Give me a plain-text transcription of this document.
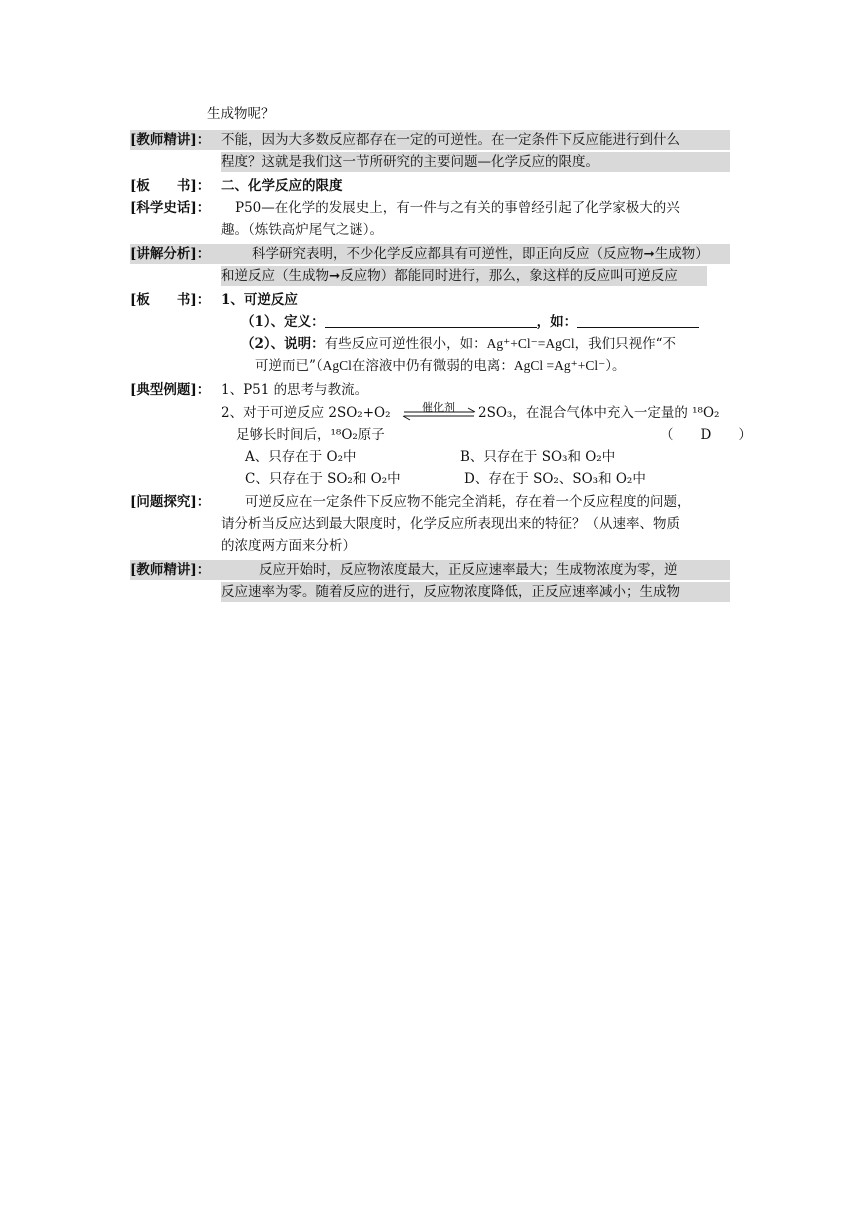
生成物呢？
[教师精讲]： 不能，因为大多数反应都存在一定的可逆性。在一定条件下反应能进行到什么
程度？这就是我们这一节所研究的主要问题—化学反应的限度。
[板　　书]： 二、化学反应的限度
[科学史话]： P50—在化学的发展史上，有一件与之有关的事曾经引起了化学家极大的兴
趣。（炼铁高炉尾气之谜）。
[讲解分析]：	科学研究表明，不少化学反应都具有可逆性，即正向反应（反应物➞生成物）
和逆反应（生成物➞反应物）都能同时进行，那么，象这样的反应叫可逆反应
[板　　书]： 1、可逆反应
（1）、定义：	，如：
（2）、说明：有些反应可逆性很小，如：Ag⁺+Cl⁻=AgCl，我们只视作“不
可逆而已”（AgCl在溶液中仍有微弱的电离：AgCl =Ag⁺+Cl⁻）。
[典型例题]： 1、P51 的思考与教流。
2、对于可逆反应 2SO₂+O₂	催化剂 2SO₃，在混合气体中充入一定量的 ¹⁸O₂
足够长时间后，¹⁸O₂原子	（　　D　　）
A、只存在于 O₂中	B、只存在于 SO₃和 O₂中
C、只存在于 SO₂和 O₂中	D、存在于 SO₂、SO₃和 O₂中
[问题探究]：	可逆反应在一定条件下反应物不能完全消耗，存在着一个反应程度的问题，
请分析当反应达到最大限度时，化学反应所表现出来的特征？（从速率、物质
的浓度两方面来分析）
[教师精讲]：	反应开始时，反应物浓度最大，正反应速率最大；生成物浓度为零，逆
反应速率为零。随着反应的进行，反应物浓度降低，正反应速率减小；生成物
